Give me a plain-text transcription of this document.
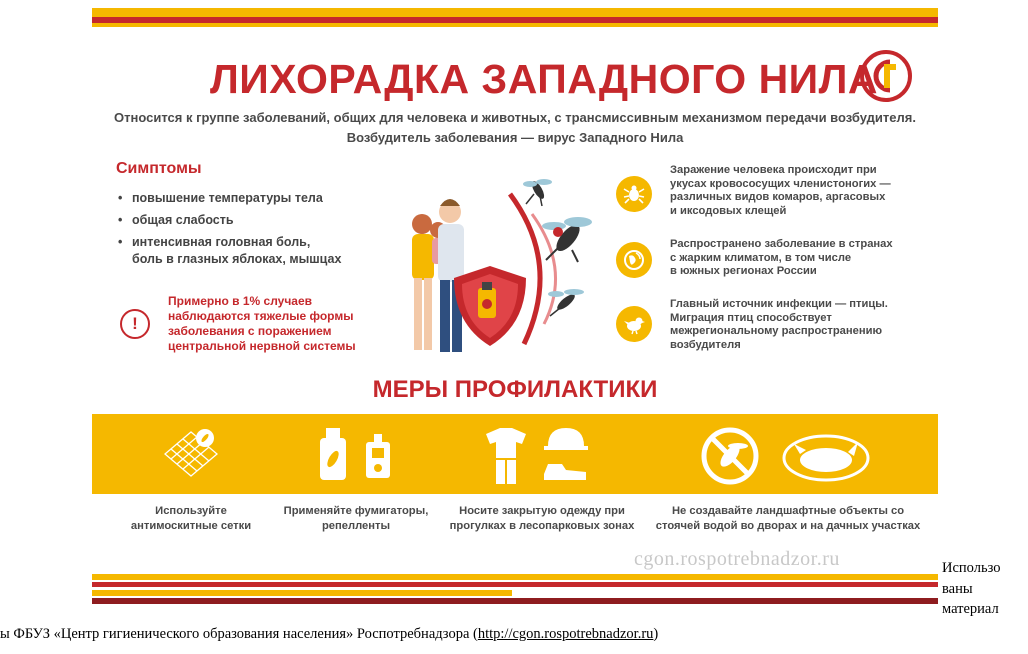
ЛИХОРАДКА ЗАПАДНОГО НИЛА
Относится к группе заболеваний, общих для человека и животных, с трансмиссивным механизмом передачи возбудителя.
Возбудитель заболевания — вирус Западного Нила
Симптомы
• повышение температуры тела
• общая слабость
• интенсивная головная боль,
боль в глазных яблоках, мышцах
!
Примерно в 1% случаев
наблюдаются тяжелые формы
заболевания с поражением
центральной нервной системы
Заражение человека происходит при
укусах кровососущих членистоногих —
различных видов комаров, аргасовых
и иксодовых клещей
Распространено заболевание в странах
с жарким климатом, в том числе
в южных регионах России
Главный источник инфекции — птицы.
Миграция птиц способствует
межрегиональному распространению
возбудителя
МЕРЫ ПРОФИЛАКТИКИ
Используйте
антимоскитные сетки
Применяйте фумигаторы,
репелленты
Носите закрытую одежду при
прогулках в лесопарковых зонах
Не создавайте ландшафтные объекты со
стоячей водой во дворах и на дачных участках
cgon.rospotrebnadzor.ru	Использо
ваны
материал
ы ФБУЗ «Центр гигиенического образования населения» Роспотребнадзора (http://cgon.rospotrebnadzor.ru)
